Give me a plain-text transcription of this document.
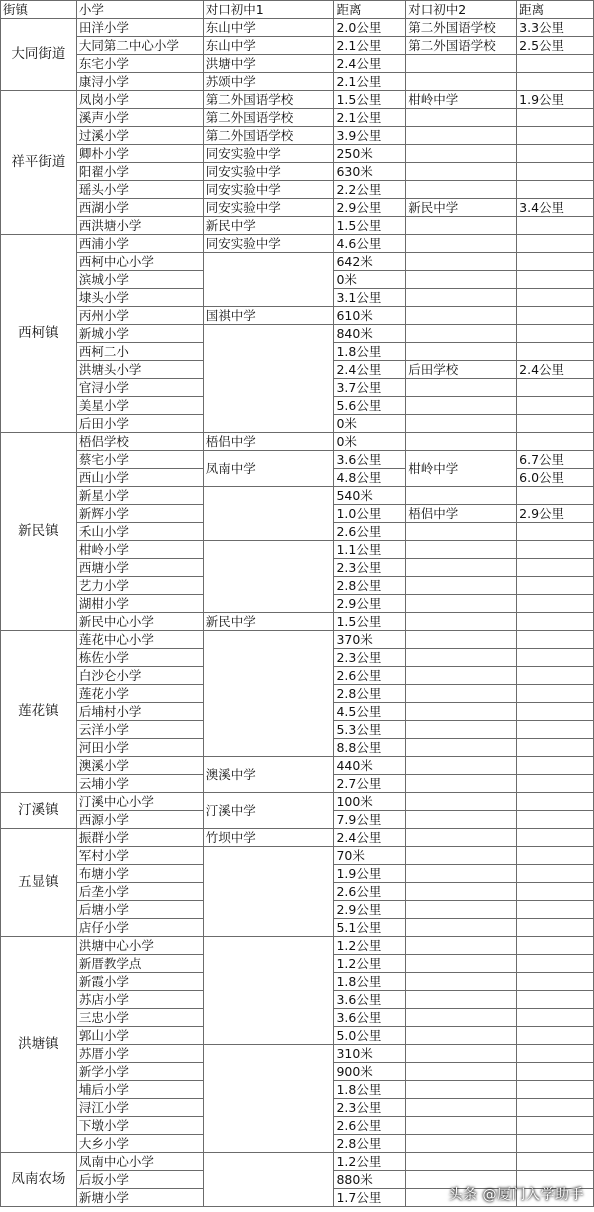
街镇	小学	对口初中1	距离	对口初中2	距离
大同街道	田洋小学	东山中学	2.0公里	第二外国语学校	3.3公里
	大同第二中心小学	东山中学	2.1公里	第二外国语学校	2.5公里
	东宅小学	洪塘中学	2.4公里		
	康浔小学	苏颂中学	2.1公里		
祥平街道	凤岗小学	第二外国语学校	1.5公里	柑岭中学	1.9公里
	溪声小学	第二外国语学校	2.1公里		
	过溪小学	第二外国语学校	3.9公里		
	卿朴小学	同安实验中学	250米		
	阳翟小学	同安实验中学	630米		
	瑶头小学	同安实验中学	2.2公里		
	西湖小学	同安实验中学	2.9公里	新民中学	3.4公里
	西洪塘小学	新民中学	1.5公里		
西柯镇	西浦小学	同安实验中学	4.6公里		
	西柯中心小学		642米		
	滨城小学		0米		
	埭头小学		3.1公里		
	丙州小学	国祺中学	610米		
	新城小学		840米		
	西柯二小		1.8公里		
	洪塘头小学		2.4公里	后田学校	2.4公里
	官浔小学		3.7公里		
	美星小学		5.6公里		
	后田小学		0米		
新民镇	梧侣学校	梧侣中学	0米		
	蔡宅小学	凤南中学	3.6公里	柑岭中学	6.7公里
	西山小学		4.8公里		6.0公里
	新星小学		540米		
	新辉小学		1.0公里	梧侣中学	2.9公里
	禾山小学		2.6公里		
	柑岭小学		1.1公里		
	西塘小学		2.3公里		
	艺力小学		2.8公里		
	湖柑小学		2.9公里		
	新民中心小学	新民中学	1.5公里		
莲花镇	莲花中心小学		370米		
	栋佐小学		2.3公里		
	白沙仑小学		2.6公里		
	莲花小学		2.8公里		
	后埔村小学		4.5公里		
	云洋小学		5.3公里		
	河田小学		8.8公里		
	澳溪小学	澳溪中学	440米		
	云埔小学		2.7公里		
汀溪镇	汀溪中心小学	汀溪中学	100米		
	西源小学		7.9公里		
五显镇	振群小学	竹坝中学	2.4公里		
	军村小学		70米		
	布塘小学		1.9公里		
	后垄小学		2.6公里		
	后塘小学		2.9公里		
	店仔小学		5.1公里		
洪塘镇	洪塘中心小学		1.2公里		
	新厝教学点		1.2公里		
	新霞小学		1.8公里		
	苏店小学		3.6公里		
	三忠小学		3.6公里		
	郭山小学		5.0公里		
	苏厝小学		310米		
	新学小学		900米		
	埔后小学		1.8公里		
	浔江小学		2.3公里		
	下墩小学		2.6公里		
	大乡小学		2.8公里		
凤南农场	凤南中心小学		1.2公里		
	后坂小学		880米		
	新塘小学		1.7公里			头条 @厦门入学助手
